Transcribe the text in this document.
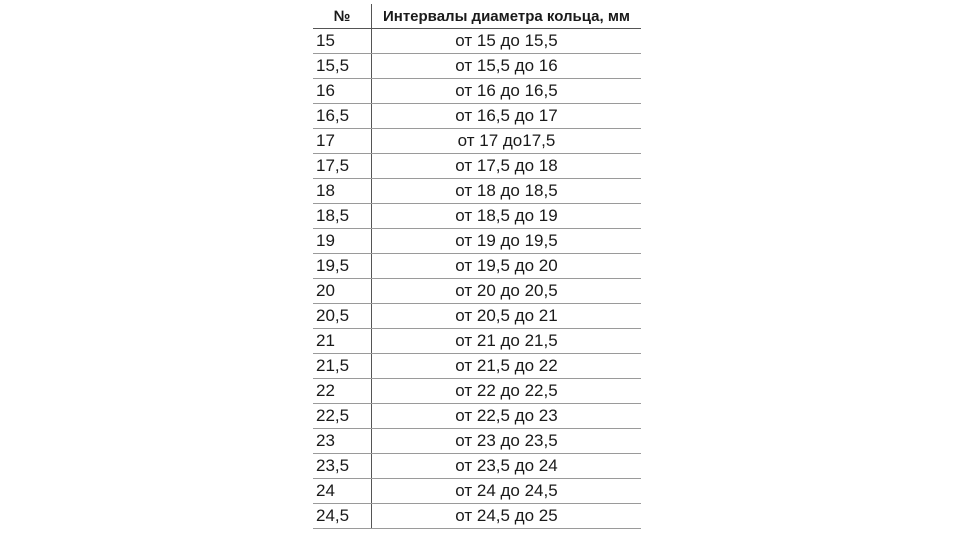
№	Интервалы диаметра кольца, мм
15	от 15 до 15,5
15,5	от 15,5 до 16
16	от 16 до 16,5
16,5	от 16,5 до 17
17	от 17 до17,5
17,5	от 17,5 до 18
18	от 18 до 18,5
18,5	от 18,5 до 19
19	от 19 до 19,5
19,5	от 19,5 до 20
20	от 20 до 20,5
20,5	от 20,5 до 21
21	от 21 до 21,5
21,5	от 21,5 до 22
22	от 22 до 22,5
22,5	от 22,5 до 23
23	от 23 до 23,5
23,5	от 23,5 до 24
24	от 24 до 24,5
24,5	от 24,5 до 25
